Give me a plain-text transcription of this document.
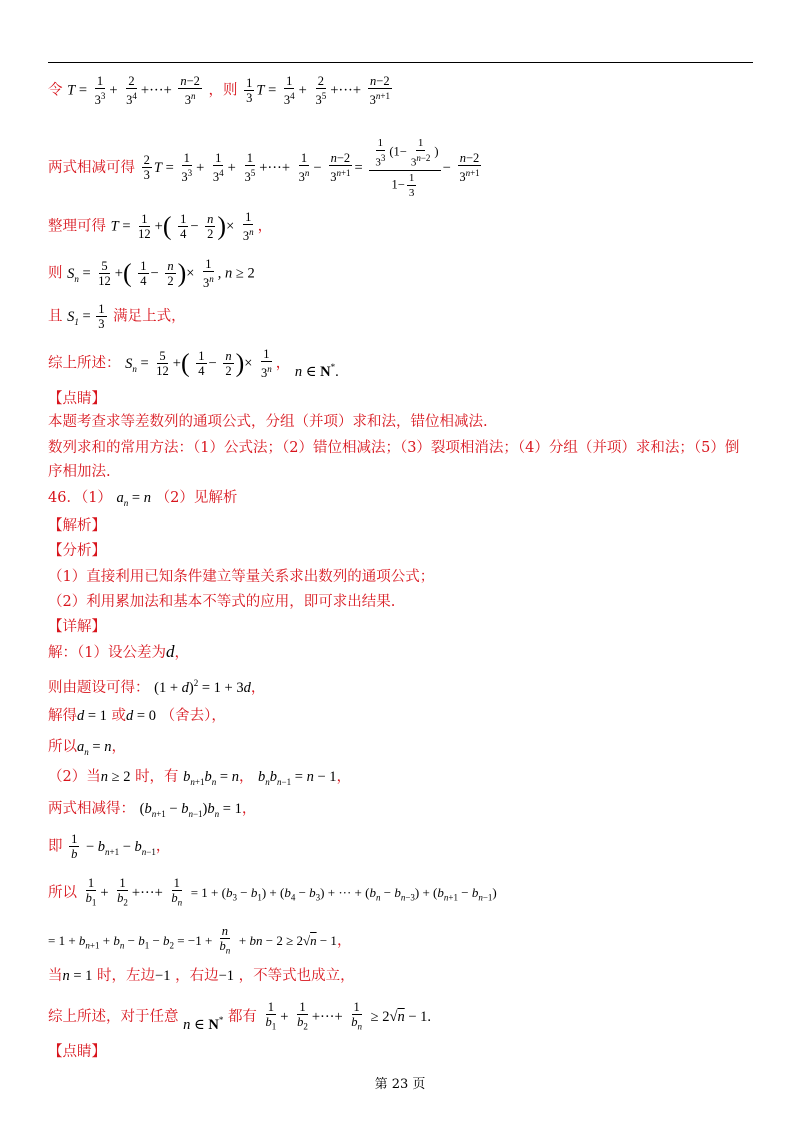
令 $T = \frac{1}{3^3} + \frac{2}{3^4}$ +···+ $\frac{n-2}{3^n}$ ，则 $\frac{1}{3}$ $T = \frac{1}{3^4} + \frac{2}{3^5}$ +···+ $\frac{n-2}{3^{n+1}}$
两式相减可得 $\frac{2}{3}$ $T = \frac{1}{3^3} + \frac{1}{3^4} + \frac{1}{3^5}$ +···+ $\frac{1}{3^n} - \frac{n-2}{3^{n+1}} = \frac{\frac{1}{3^3} (1- \frac{1}{3^{n-2}} )}{1- \frac{1}{3}} - \frac{n-2}{3^{n+1}}$
整理可得 $T = \frac{1}{12}$ +( $\frac{1}{4} - \frac{n}{2}$ )× $\frac{1}{3^n}$ ，
则 $S_n = \frac{5}{12}$ +( $\frac{1}{4} - \frac{n}{2}$ )× $\frac{1}{3^n}$ , n ≥ 2
且 $S_1 = \frac{1}{3}$ 满足上式，
综上所述： $S_n = \frac{5}{12}$ +( $\frac{1}{4} - \frac{n}{2}$ )× $\frac{1}{3^n}$ ， n ∈ N*.
【点睛】
本题考查求等差数列的通项公式，分组（并项）求和法，错位相减法.
数列求和的常用方法：（1）公式法；（2）错位相减法；（3）裂项相消法；（4）分组（并项）求和法；（5）倒
序相加法.
46．（1） $a_n = n$ （2）见解析
【解析】
【分析】
（1）直接利用已知条件建立等量关系求出数列的通项公式；
（2）利用累加法和基本不等式的应用，即可求出结果.
【详解】
解：（1）设公差为d，
则由题设可得： $(1 + d)^2 = 1 + 3d$，
解得d = 1 或d = 0 （舍去），
所以$a_n = n$，
（2）当n ≥ 2 时，有 $b_{n+1}b_n = n$， $b_nb_{n-1} = n - 1$，
两式相减得： $(b_{n+1} - b_{n-1})b_n = 1$，
即 $\frac{1}{b} - b_{n+1} - b_{n-1}$，
所以 $\frac{1}{b_1} + \frac{1}{b_2}$ +···+ $\frac{1}{b_n} = 1 + (b_3 - b_1) + (b_4 - b_3)$ + ··· + $(b_n - b_{n-3}) + (b_{n+1} - b_{n-1})$
= $1 + b_{n+1} + b_n - b_1 - b_2 = -1 + \frac{n}{b_n}$ + bn − 2 ≥ 2√n − 1，
当n = 1 时，左边−1 ，右边−1 ，不等式也成立，
综上所述，对于任意 n ∈ N* 都有 $\frac{1}{b_1} + \frac{1}{b_2}$ +···+ $\frac{1}{b_n} \ge 2√n - 1$.
【点睛】
第 23 页
